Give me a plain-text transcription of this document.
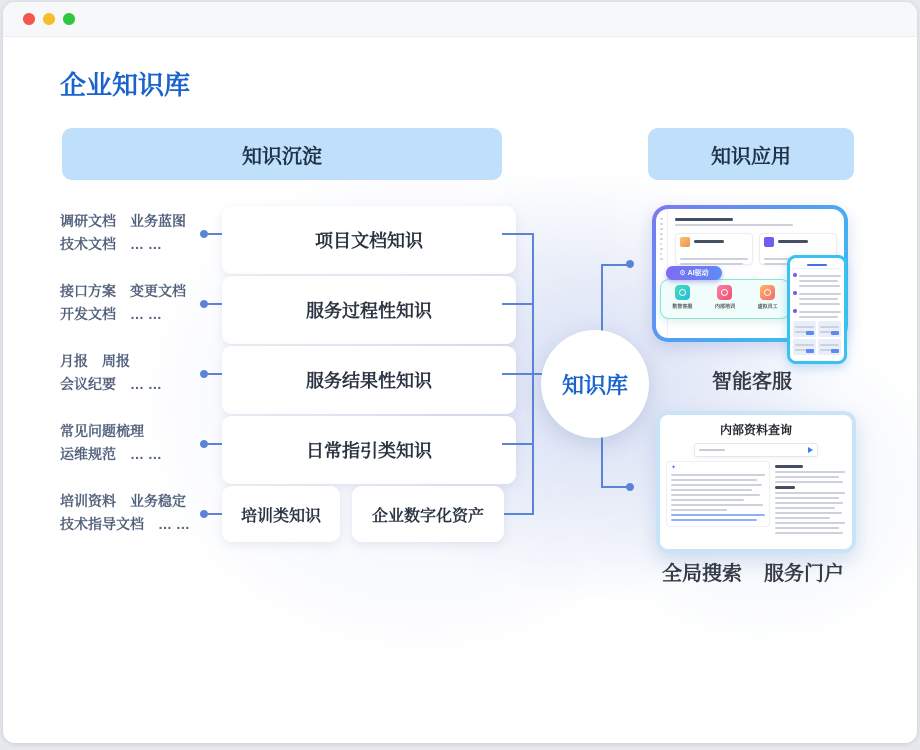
企业知识库
知识沉淀	知识应用
调研文档　业务蓝图
技术文档　… …
接口方案　变更文档
开发文档　… …
月报　周报
会议纪要　… …
常见问题梳理
运维规范　… …
培训资料　业务稳定
技术指导文档　… …
项目文档知识
服务过程性知识
服务结果性知识
日常指引类知识
培训类知识	企业数字化资产
知识库

⚙ AI驱动
数智客服	内部培训	虚拟员工
智能客服
内部资料查询
✦
全局搜索 服务门户
